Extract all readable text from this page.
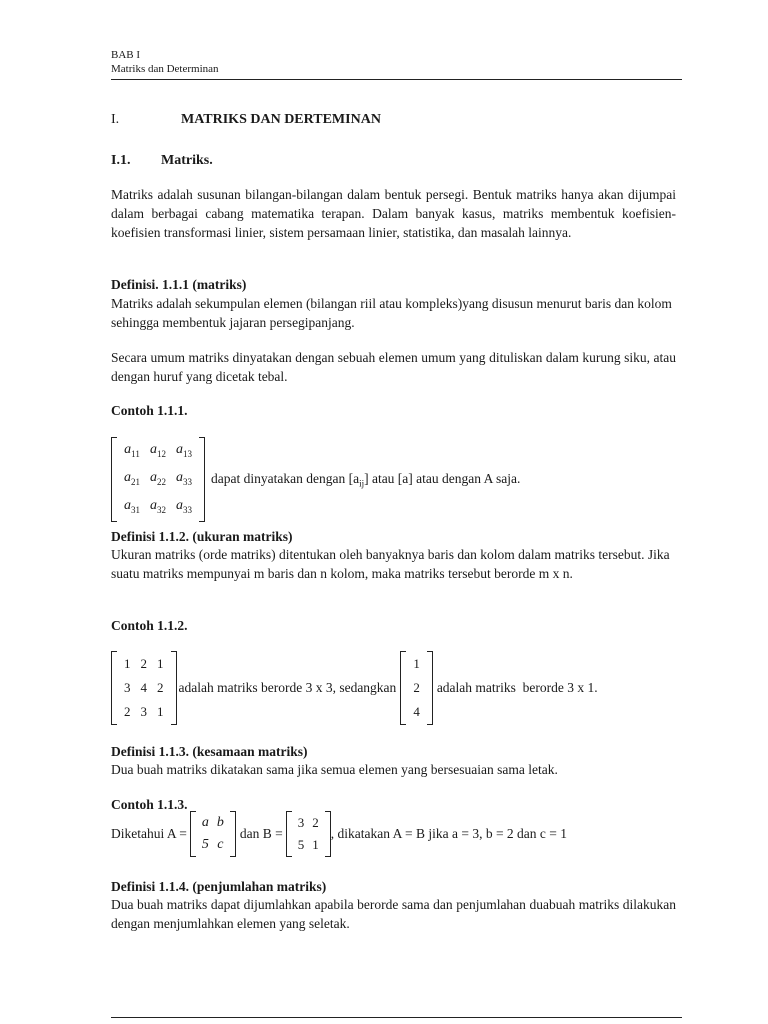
BAB I
Matriks dan Determinan
I.	MATRIKS DAN DERTEMINAN
I.1. Matriks.
Matriks adalah susunan bilangan-bilangan dalam bentuk persegi. Bentuk matriks hanya akan dijumpai dalam berbagai cabang matematika terapan. Dalam banyak kasus, matriks membentuk koefisien-koefisien transformasi linier, sistem persamaan linier, statistika, dan masalah lainnya.
Definisi. 1.1.1 (matriks)
Matriks adalah sekumpulan elemen (bilangan riil atau kompleks)yang disusun menurut baris dan kolom sehingga membentuk jajaran persegipanjang.
Secara umum matriks dinyatakan dengan sebuah elemen umum yang dituliskan dalam kurung siku, atau dengan huruf yang dicetak tebal.
Contoh 1.1.1.
$a_{11}$ $a_{12}$ $a_{13}$
$a_{21}$ $a_{22}$ $a_{33}$
$a_{31}$ $a_{32}$ $a_{33}$
dapat dinyatakan dengan $[a_{ij}]$ atau [a] atau dengan A saja.
Definisi 1.1.2. (ukuran matriks)
Ukuran matriks (orde matriks) ditentukan oleh banyaknya baris dan kolom dalam matriks tersebut. Jika suatu matriks mempunyai m baris dan n kolom, maka matriks tersebut berorde m x n.
Contoh 1.1.2.
1 2 1
3 4 2
2 3 1
adalah matriks berorde 3 x 3, sedangkan
1
2
4
adalah matriks  berorde 3 x 1.
Definisi 1.1.3. (kesamaan matriks)
Dua buah matriks dikatakan sama jika semua elemen yang bersesuaian sama letak.
Contoh 1.1.3.
Diketahui A =
a b
5 c
dan B =
3 2
5 1
, dikatakan A = B jika a = 3, b = 2 dan c = 1
Definisi 1.1.4. (penjumlahan matriks)
Dua buah matriks dapat dijumlahkan apabila berorde sama dan penjumlahan duabuah matriks dilakukan dengan menjumlahkan elemen yang seletak.
